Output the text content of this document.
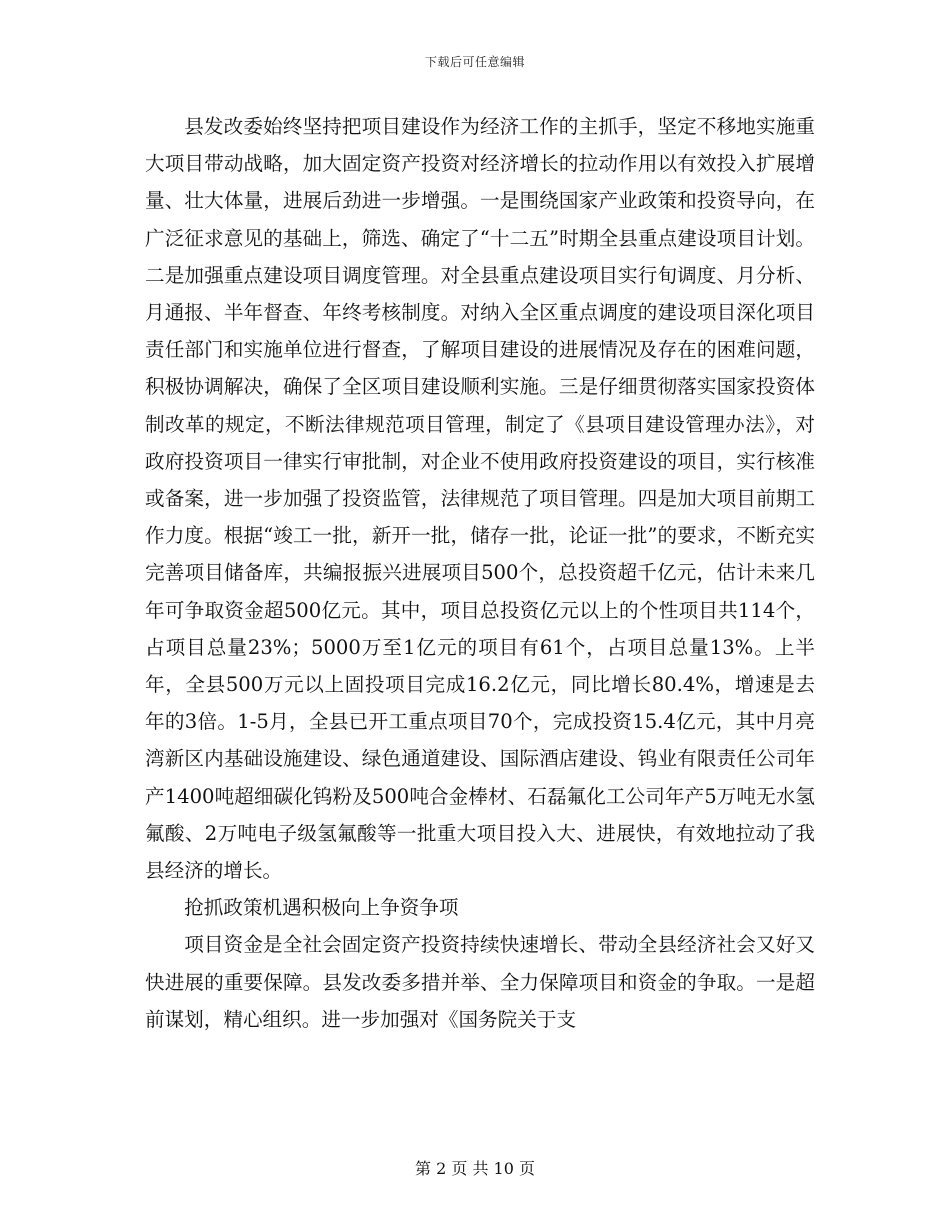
下载后可任意编辑

县发改委始终坚持把项目建设作为经济工作的主抓手，坚定不移地实施重大项目带动战略，加大固定资产投资对经济增长的拉动作用以有效投入扩展增量、壮大体量，进展后劲进一步增强。一是围绕国家产业政策和投资导向，在广泛征求意见的基础上，筛选、确定了“十二五”时期全县重点建设项目计划。二是加强重点建设项目调度管理。对全县重点建设项目实行旬调度、月分析、月通报、半年督查、年终考核制度。对纳入全区重点调度的建设项目深化项目责任部门和实施单位进行督查，了解项目建设的进展情况及存在的困难问题，积极协调解决，确保了全区项目建设顺利实施。三是仔细贯彻落实国家投资体制改革的规定，不断法律规范项目管理，制定了《县项目建设管理办法》，对政府投资项目一律实行审批制，对企业不使用政府投资建设的项目，实行核准或备案，进一步加强了投资监管，法律规范了项目管理。四是加大项目前期工作力度。根据“竣工一批，新开一批，储存一批，论证一批”的要求，不断充实完善项目储备库，共编报振兴进展项目500个，总投资超千亿元，估计未来几年可争取资金超500亿元。其中，项目总投资亿元以上的个性项目共114个，占项目总量23%；5000万至1亿元的项目有61个，占项目总量13%。上半年，全县500万元以上固投项目完成16.2亿元，同比增长80.4%，增速是去年的3倍。1-5月，全县已开工重点项目70个，完成投资15.4亿元，其中月亮湾新区内基础设施建设、绿色通道建设、国际酒店建设、钨业有限责任公司年产1400吨超细碳化钨粉及500吨合金棒材、石磊氟化工公司年产5万吨无水氢氟酸、2万吨电子级氢氟酸等一批重大项目投入大、进展快，有效地拉动了我县经济的增长。

抢抓政策机遇积极向上争资争项

项目资金是全社会固定资产投资持续快速增长、带动全县经济社会又好又快进展的重要保障。县发改委多措并举、全力保障项目和资金的争取。一是超前谋划，精心组织。进一步加强对《国务院关于支

第 2 页 共 10 页
